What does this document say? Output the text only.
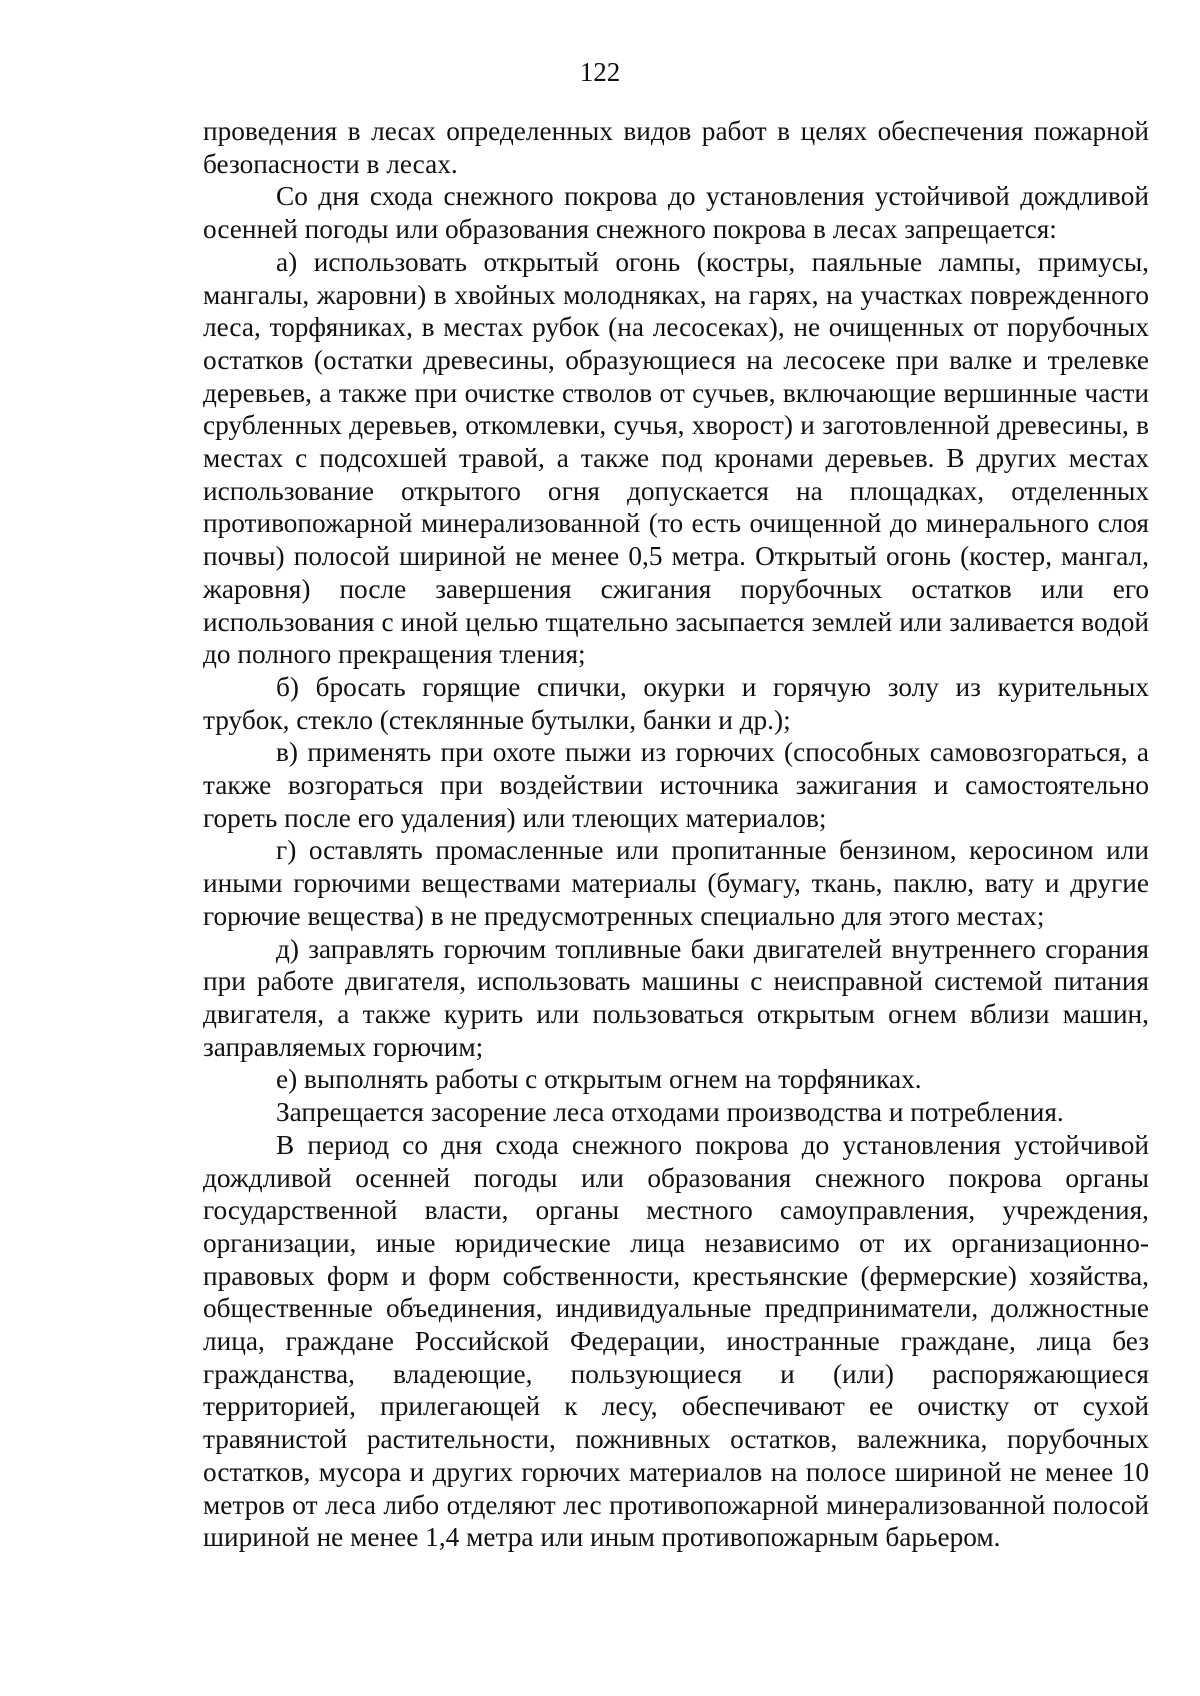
122

проведения в лесах определенных видов работ в целях обеспечения пожарной безопасности в лесах.

Со дня схода снежного покрова до установления устойчивой дождливой осенней погоды или образования снежного покрова в лесах запрещается:

а) использовать открытый огонь (костры, паяльные лампы, примусы, мангалы, жаровни) в хвойных молодняках, на гарях, на участках поврежденного леса, торфяниках, в местах рубок (на лесосеках), не очищенных от порубочных остатков (остатки древесины, образующиеся на лесосеке при валке и трелевке деревьев, а также при очистке стволов от сучьев, включающие вершинные части срубленных деревьев, откомлевки, сучья, хворост) и заготовленной древесины, в местах с подсохшей травой, а также под кронами деревьев. В других местах использование открытого огня допускается на площадках, отделенных противопожарной минерализованной (то есть очищенной до минерального слоя почвы) полосой шириной не менее 0,5 метра. Открытый огонь (костер, мангал, жаровня) после завершения сжигания порубочных остатков или его использования с иной целью тщательно засыпается землей или заливается водой до полного прекращения тления;

б) бросать горящие спички, окурки и горячую золу из курительных трубок, стекло (стеклянные бутылки, банки и др.);

в) применять при охоте пыжи из горючих (способных самовозгораться, а также возгораться при воздействии источника зажигания и самостоятельно гореть после его удаления) или тлеющих материалов;

г) оставлять промасленные или пропитанные бензином, керосином или иными горючими веществами материалы (бумагу, ткань, паклю, вату и другие горючие вещества) в не предусмотренных специально для этого местах;

д) заправлять горючим топливные баки двигателей внутреннего сгорания при работе двигателя, использовать машины с неисправной системой питания двигателя, а также курить или пользоваться открытым огнем вблизи машин, заправляемых горючим;

е) выполнять работы с открытым огнем на торфяниках.

Запрещается засорение леса отходами производства и потребления.

В период со дня схода снежного покрова до установления устойчивой дождливой осенней погоды или образования снежного покрова органы государственной власти, органы местного самоуправления, учреждения, организации, иные юридические лица независимо от их организационно-правовых форм и форм собственности, крестьянские (фермерские) хозяйства, общественные объединения, индивидуальные предприниматели, должностные лица, граждане Российской Федерации, иностранные граждане, лица без гражданства, владеющие, пользующиеся и (или) распоряжающиеся территорией, прилегающей к лесу, обеспечивают ее очистку от сухой травянистой растительности, пожнивных остатков, валежника, порубочных остатков, мусора и других горючих материалов на полосе шириной не менее 10 метров от леса либо отделяют лес противопожарной минерализованной полосой шириной не менее 1,4 метра или иным противопожарным барьером.
